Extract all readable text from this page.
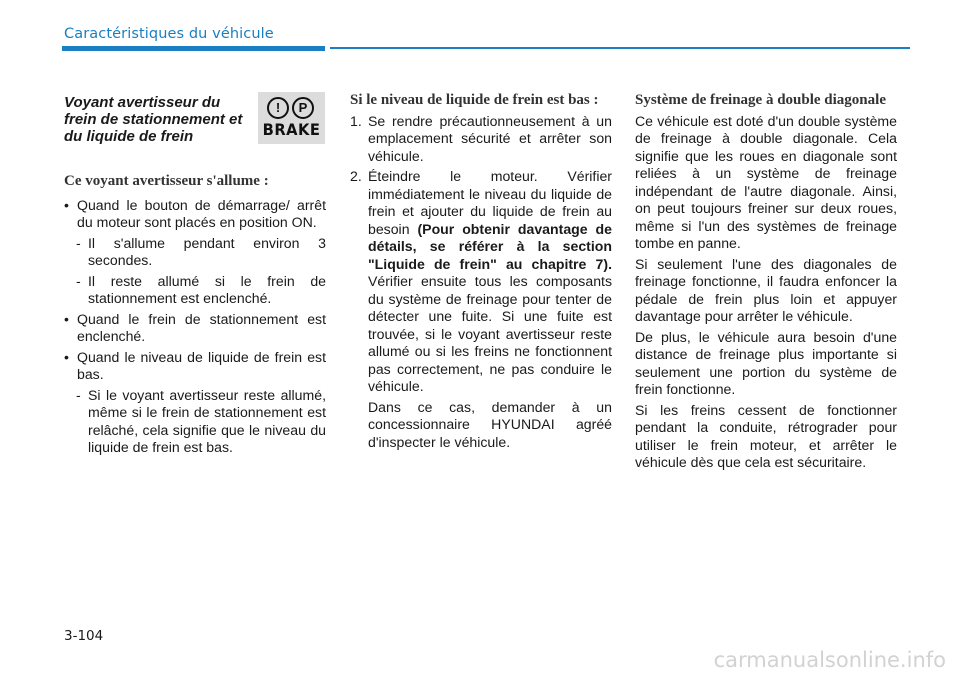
Caractéristiques du véhicule
Voyant avertisseur du frein de stationnement et du liquide de frein
!	P
BRAKE
Ce voyant avertisseur s'allume :

• Quand le bouton de démarrage/ arrêt du moteur sont placés en position ON.

- Il s'allume pendant environ 3 secondes.

- Il reste allumé si le frein de stationnement est enclenché.

• Quand le frein de stationnement est enclenché.

• Quand le niveau de liquide de frein est bas.

- Si le voyant avertisseur reste allumé, même si le frein de stationnement est relâché, cela signifie que le niveau du liquide de frein est bas.

Si le niveau de liquide de frein est bas :

1. Se rendre précautionneusement à un emplacement sécurité et arrêter son véhicule.

2. Éteindre le moteur. Vérifier immédiatement le niveau du liquide de frein et ajouter du liquide de frein au besoin (Pour obtenir davantage de détails, se référer à la section "Liquide de frein" au chapitre 7). Vérifier ensuite tous les composants du système de freinage pour tenter de détecter une fuite. Si une fuite est trouvée, si le voyant avertisseur reste allumé ou si les freins ne fonctionnent pas correctement, ne pas conduire le véhicule.

Dans ce cas, demander à un concessionnaire HYUNDAI agréé d'inspecter le véhicule.

Système de freinage à double diagonale

Ce véhicule est doté d'un double système de freinage à double diagonale. Cela signifie que les roues en diagonale sont reliées à un système de freinage indépendant de l'autre diagonale. Ainsi, on peut toujours freiner sur deux roues, même si l'un des systèmes de freinage tombe en panne.

Si seulement l'une des diagonales de freinage fonctionne, il faudra enfoncer la pédale de frein plus loin et appuyer davantage pour arrêter le véhicule.

De plus, le véhicule aura besoin d'une distance de freinage plus importante si seulement une portion du système de frein fonctionne.

Si les freins cessent de fonctionner pendant la conduite, rétrograder pour utiliser le frein moteur, et arrêter le véhicule dès que cela est sécuritaire.

3-104
carmanualsonline.info
